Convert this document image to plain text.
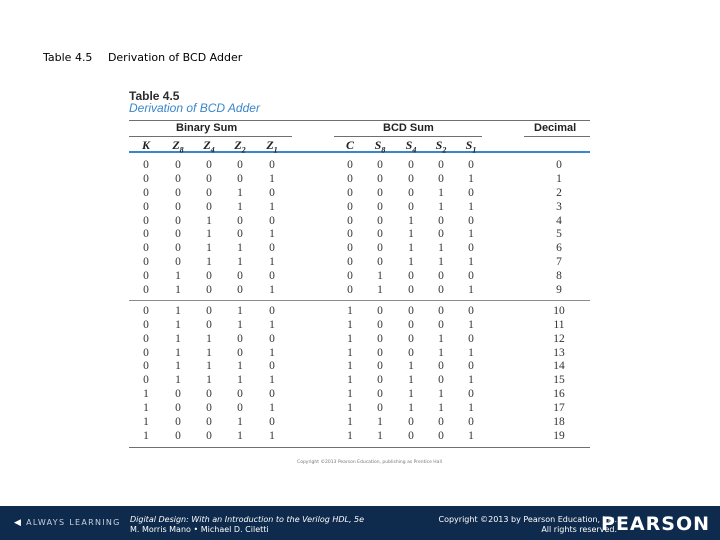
Table 4.5 Derivation of BCD Adder
Table 4.5
Derivation of BCD Adder
Binary Sum	BCD Sum	Decimal
K	$Z_8$	$Z_4$	$Z_2$	$Z_1$	C	$S_8$	$S_4$	$S_2$	$S_1$
0	0	0	0	0	0	0	0	0	0	0
0	0	0	0	1	0	0	0	0	1	1
0	0	0	1	0	0	0	0	1	0	2
0	0	0	1	1	0	0	0	1	1	3
0	0	1	0	0	0	0	1	0	0	4
0	0	1	0	1	0	0	1	0	1	5
0	0	1	1	0	0	0	1	1	0	6
0	0	1	1	1	0	0	1	1	1	7
0	1	0	0	0	0	1	0	0	0	8
0	1	0	0	1	0	1	0	0	1	9
0	1	0	1	0	1	0	0	0	0	10
0	1	0	1	1	1	0	0	0	1	11
0	1	1	0	0	1	0	0	1	0	12
0	1	1	0	1	1	0	0	1	1	13
0	1	1	1	0	1	0	1	0	0	14
0	1	1	1	1	1	0	1	0	1	15
1	0	0	0	0	1	0	1	1	0	16
1	0	0	0	1	1	0	1	1	1	17
1	0	0	1	0	1	1	0	0	0	18
1	0	0	1	1	1	1	0	0	1	19
Copyright ©2013 Pearson Education, publishing as Prentice Hall
◀ ALWAYS LEARNING Digital Design: With an Introduction to the Verilog HDL, 5e
M. Morris Mano • Michael D. Ciletti
Copyright ©2013 by Pearson Education, Inc.
All rights reserved.
PEARSON
